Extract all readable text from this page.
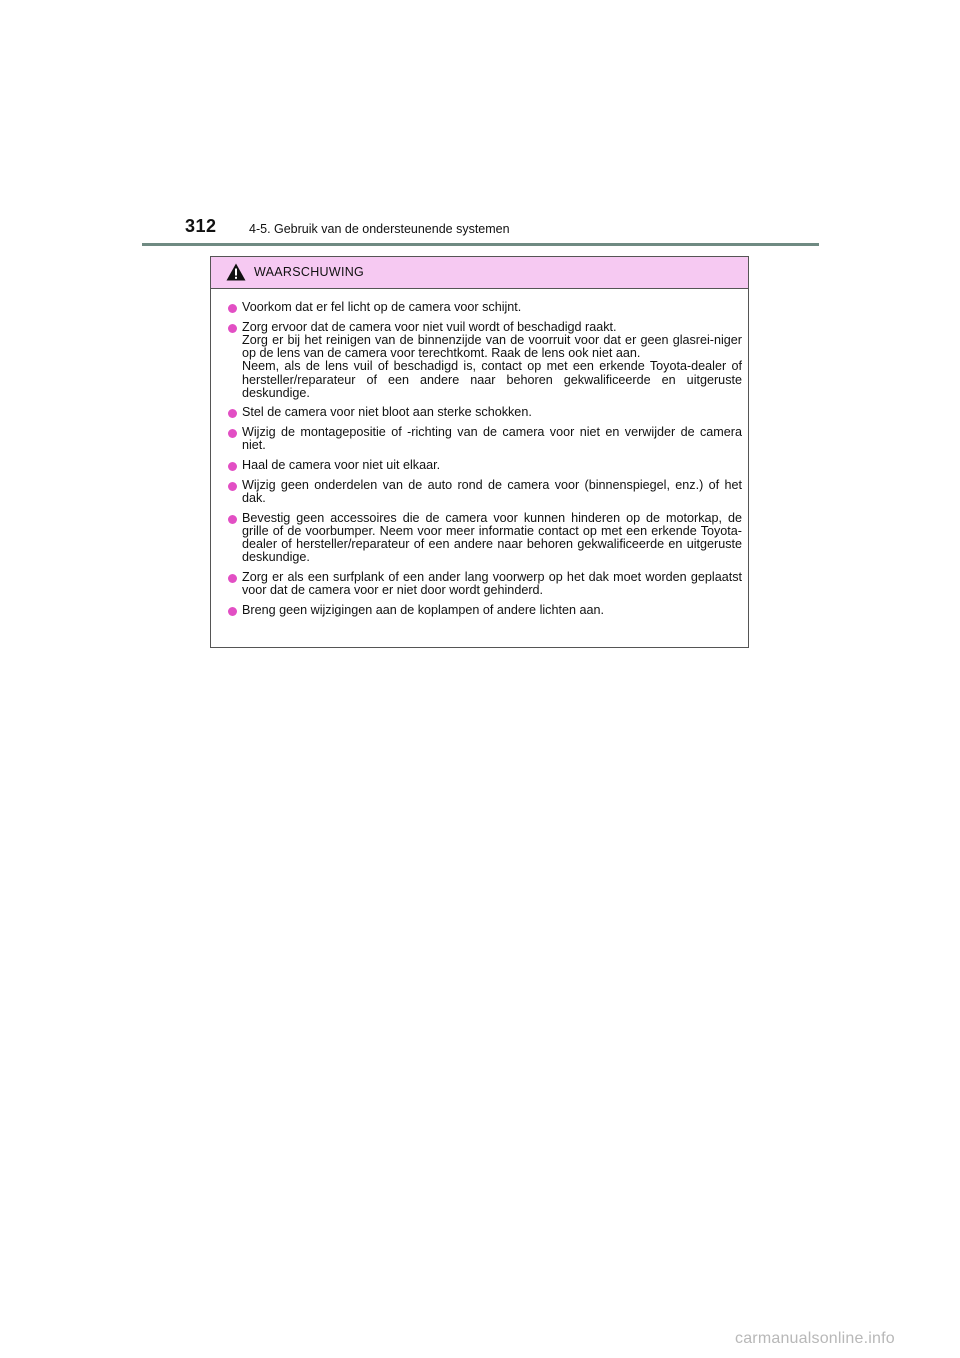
312	4-5. Gebruik van de ondersteunende systemen
WAARSCHUWING
Voorkom dat er fel licht op de camera voor schijnt.
Zorg ervoor dat de camera voor niet vuil wordt of beschadigd raakt.
Zorg er bij het reinigen van de binnenzijde van de voorruit voor dat er geen glasrei-niger op de lens van de camera voor terechtkomt. Raak de lens ook niet aan.
Neem, als de lens vuil of beschadigd is, contact op met een erkende Toyota-dealer of hersteller/reparateur of een andere naar behoren gekwalificeerde en uitgeruste deskundige.
Stel de camera voor niet bloot aan sterke schokken.
Wijzig de montagepositie of -richting van de camera voor niet en verwijder de camera niet.
Haal de camera voor niet uit elkaar.
Wijzig geen onderdelen van de auto rond de camera voor (binnenspiegel, enz.) of het dak.
Bevestig geen accessoires die de camera voor kunnen hinderen op de motorkap, de grille of de voorbumper. Neem voor meer informatie contact op met een erkende Toyota-dealer of hersteller/reparateur of een andere naar behoren gekwalificeerde en uitgeruste deskundige.
Zorg er als een surfplank of een ander lang voorwerp op het dak moet worden geplaatst voor dat de camera voor er niet door wordt gehinderd.
Breng geen wijzigingen aan de koplampen of andere lichten aan.
carmanualsonline.info
